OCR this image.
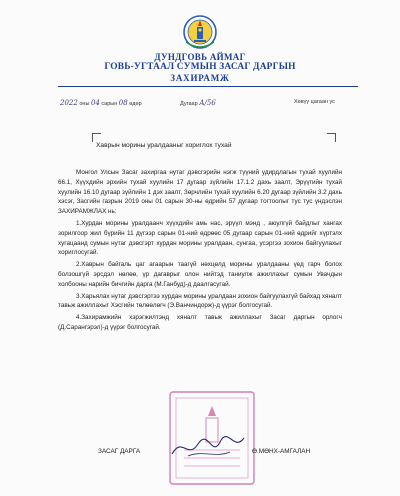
ДУНДГОВЬ АЙМАГ
ГОВЬ-УГТААЛ СУМЫН ЗАСАГ ДАРГЫН
ЗАХИРАМЖ
2022 оны 04 сарын 08 өдөр	Дугаар А/56	Хөвүү цагаан ус
Хаврын морины уралдааныг хориглох тухай

Монгол Улсын Засаг захиргаа нутаг дэвсгэрийн нэгж түүний удирдлагын тухай хуулийн 66.1, Хүүхдийн эрхийн тухай хуулийн 17 дугаар зүйлийн 17.1.2 дахь заалт, Эрүүгийн тухай хуулийн 16.10 дугаар зүйлийн 1 дэх заалт, Зөрчлийн тухай хуулийн 6.20 дугаар зүйлийн 3.2 дахь хэсэг, Засгийн газрын 2019 оны 01 сарын 30-ны өдрийн 57 дугаар тогтоолыг тус тус үндэслэн ЗАХИРАМЖЛАХ нь:

1.Хурдан морины уралдаанч хүүхдийн амь нас, эрүүл мэнд , аюулгүй байдлыг хангах зорилгоор жил бүрийн 11 дүгээр сарын 01-ний өдрөөс 05 дугаар сарын 01-ний өдрийг хүртэлх хугацаанд сумын нутаг дэвсгэрт хурдан морины уралдаан, сунгаа, усэргээ зохион байгуулахыг хориглосугай.

2.Хаврын байгаль цаг агаарын таагүй нөхцөлд морины уралдааны үед гарч болох болзошгүй эрсдэл нөлөө, үр дагаврыг олон нийтэд таниулж ажиллахыг сумын Увачдын холбооны нарийн бичгийн дарга (М.Ганбуд)-д даалгасугай.

3.Харьялах нутаг дэвсгэртээ хурдан морины уралдаан зохион байгуулахгүй байхад хяналт тавьж ажиллахыг Хэсгийн төлөөлөгч (Э.Ванчиндорж)-д үүрэг болгосугай.

4.Захирамжийн хэрэгжилтэнд хяналт тавьж ажиллахыг Засаг даргын орлогч (Д.Сарангэрэл)-д үүрэг болгосугай.

ЗАСАГ ДАРГА	Ө.МӨНХ-АМГАЛАН
